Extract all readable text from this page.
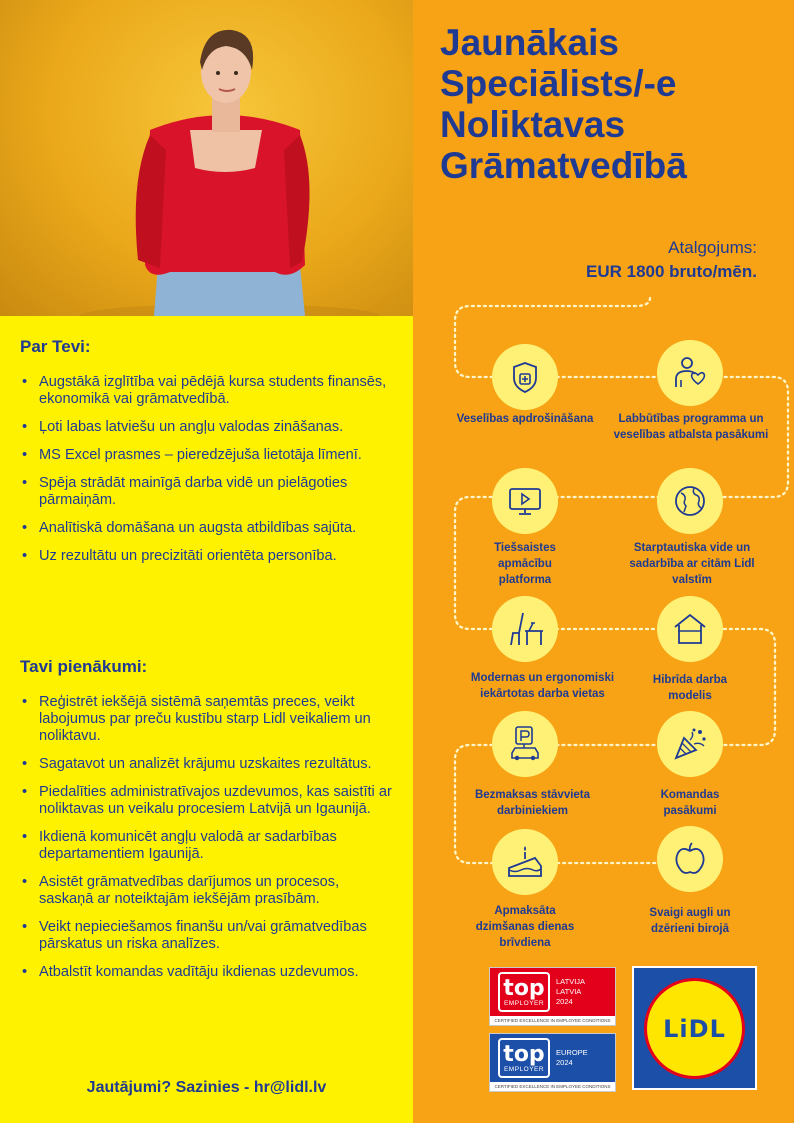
Par Tevi:
• Augstākā izglītība vai pēdējā kursa students finansēs, ekonomikā vai grāmatvedībā.
• Ļoti labas latviešu un angļu valodas zināšanas.
• MS Excel prasmes – pieredzējuša lietotāja līmenī.
• Spēja strādāt mainīgā darba vidē un pielāgoties pārmaiņām.
• Analītiskā domāšana un augsta atbildības sajūta.
• Uz rezultātu un precizitāti orientēta personība.
Tavi pienākumi:
• Reģistrēt iekšējā sistēmā saņemtās preces, veikt labojumus par preču kustību starp Lidl veikaliem un noliktavu.
• Sagatavot un analizēt krājumu uzskaites rezultātus.
• Piedalīties administratīvajos uzdevumos, kas saistīti ar noliktavas un veikalu procesiem Latvijā un Igaunijā.
• Ikdienā komunicēt angļu valodā ar sadarbības departamentiem Igaunijā.
• Asistēt grāmatvedības darījumos un procesos, saskaņā ar noteiktajām iekšējām prasībām.
• Veikt nepieciešamos finanšu un/vai grāmatvedības pārskatus un riska analīzes.
• Atbalstīt komandas vadītāju ikdienas uzdevumos.
Jautājumi? Sazinies - hr@lidl.lv
Jaunākais Speciālists/-e Noliktavas Grāmatvedībā
Atalgojums:
EUR 1800 bruto/mēn.
Veselības apdrošināšana	Labbūtības programma un veselības atbalsta pasākumi
Tiešsaistes apmācību platforma
Starptautiska vide un sadarbība ar citām Lidl valstīm
Modernas un ergonomiski iekārtotas darba vietas
Hibrīda darba modelis
Bezmaksas stāvvieta darbiniekiem
Komandas pasākumi
Apmaksāta dzimšanas dienas brīvdiena
Svaigi augli un dzērieni birojā
top
EMPLOYER
LATVIJA
LATVIA
2024
CERTIFIED EXCELLENCE IN EMPLOYEE CONDITIONS
top
EMPLOYER
EUROPE
2024
CERTIFIED EXCELLENCE IN EMPLOYEE CONDITIONS
LiDL
